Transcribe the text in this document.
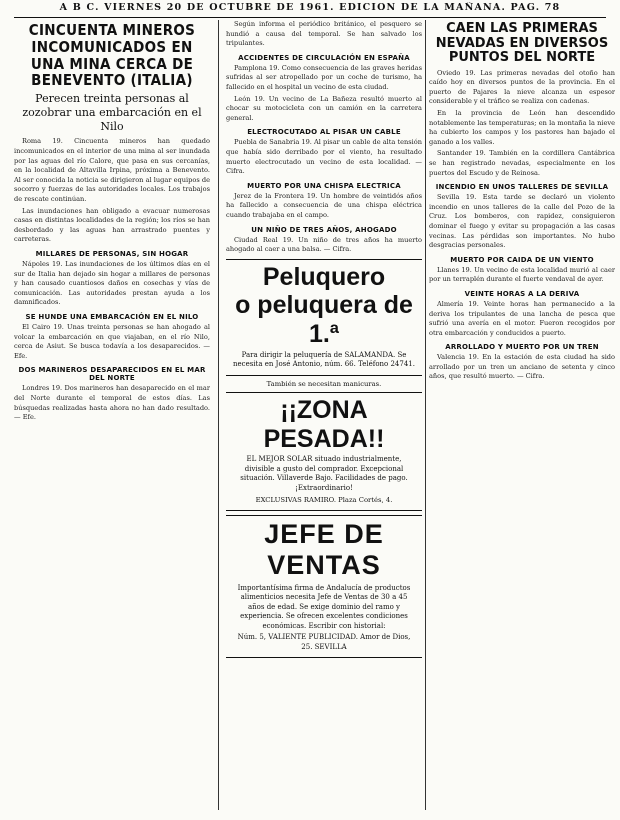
A B C. VIERNES 20 DE OCTUBRE DE 1961. EDICION DE LA MAÑANA. PAG. 78
CINCUENTA MINEROS INCOMUNICADOS EN UNA MINA CERCA DE BENEVENTO (ITALIA)
Perecen treinta personas al zozobrar una embarcación en el Nilo

Roma 19. Cincuenta mineros han quedado incomunicados en el interior de una mina al ser inundada por las aguas del río Calore, que pasa en sus cercanías, en la localidad de Altavilla Irpina, próxima a Benevento. Al ser conocida la noticia se dirigieron al lugar equipos de socorro y fuerzas de las autoridades locales. Los trabajos de rescate continúan.

Las inundaciones han obligado a evacuar numerosas casas en distintas localidades de la región; los ríos se han desbordado y las aguas han arrastrado puentes y carreteras.

MILLARES DE PERSONAS, SIN HOGAR

Nápoles 19. Las inundaciones de los últimos días en el sur de Italia han dejado sin hogar a millares de personas y han causado cuantiosos daños en cosechas y vías de comunicación. Las autoridades prestan ayuda a los damnificados.

SE HUNDE UNA EMBARCACIÓN EN EL NILO

El Cairo 19. Unas treinta personas se han ahogado al volcar la embarcación en que viajaban, en el río Nilo, cerca de Asiut. Se busca todavía a los desaparecidos. — Efe.

DOS MARINEROS DESAPARECIDOS EN EL MAR DEL NORTE

Londres 19. Dos marineros han desaparecido en el mar del Norte durante el temporal de estos días. Las búsquedas realizadas hasta ahora no han dado resultado. — Efe.

Según informa el periódico británico, el pesquero se hundió a causa del temporal. Se han salvado los tripulantes.

ACCIDENTES DE CIRCULACIÓN EN ESPAÑA

Pamplona 19. Como consecuencia de las graves heridas sufridas al ser atropellado por un coche de turismo, ha fallecido en el hospital un vecino de esta ciudad.

León 19. Un vecino de La Bañeza resultó muerto al chocar su motocicleta con un camión en la carretera general.

ELECTROCUTADO AL PISAR UN CABLE

Puebla de Sanabria 19. Al pisar un cable de alta tensión que había sido derribado por el viento, ha resultado muerto electrocutado un vecino de esta localidad. — Cifra.

MUERTO POR UNA CHISPA ELECTRICA

Jerez de la Frontera 19. Un hombre de veintidós años ha fallecido a consecuencia de una chispa eléctrica cuando trabajaba en el campo.

UN NIÑO DE TRES AÑOS, AHOGADO

Ciudad Real 19. Un niño de tres años ha muerto ahogado al caer a una balsa. — Cifra.

Peluquero
o peluquera de 1.ª
Para dirigir la peluquería de SALAMANDA. Se necesita en José Antonio, núm. 66. Teléfono 24741.
También se necesitan manicuras.
¡¡ZONA PESADA!!
EL MEJOR SOLAR situado industrialmente, divisible a gusto del comprador. Excepcional situación. Villaverde Bajo. Facilidades de pago. ¡Extraordinario!
EXCLUSIVAS RAMIRO. Plaza Cortés, 4.
JEFE DE VENTAS
Importantísima firma de Andalucía de productos alimenticios necesita Jefe de Ventas de 30 a 45 años de edad. Se exige dominio del ramo y experiencia. Se ofrecen excelentes condiciones económicas. Escribir con historial:
Núm. 5, VALIENTE PUBLICIDAD. Amor de Dios, 25. SEVILLA
CAEN LAS PRIMERAS NEVADAS EN DIVERSOS PUNTOS DEL NORTE

Oviedo 19. Las primeras nevadas del otoño han caído hoy en diversos puntos de la provincia. En el puerto de Pajares la nieve alcanza un espesor considerable y el tráfico se realiza con cadenas.

En la provincia de León han descendido notablemente las temperaturas; en la montaña la nieve ha cubierto los campos y los pastores han bajado el ganado a los valles.

Santander 19. También en la cordillera Cantábrica se han registrado nevadas, especialmente en los puertos del Escudo y de Reinosa.

INCENDIO EN UNOS TALLERES DE SEVILLA

Sevilla 19. Esta tarde se declaró un violento incendio en unos talleres de la calle del Pozo de la Cruz. Los bomberos, con rapidez, consiguieron dominar el fuego y evitar su propagación a las casas vecinas. Las pérdidas son importantes. No hubo desgracias personales.

MUERTO POR CAIDA DE UN VIENTO

Llanes 19. Un vecino de esta localidad murió al caer por un terraplén durante el fuerte vendaval de ayer.

VEINTE HORAS A LA DERIVA

Almería 19. Veinte horas han permanecido a la deriva los tripulantes de una lancha de pesca que sufrió una avería en el motor. Fueron recogidos por otra embarcación y conducidos a puerto.

ARROLLADO Y MUERTO POR UN TREN

Valencia 19. En la estación de esta ciudad ha sido arrollado por un tren un anciano de setenta y cinco años, que resultó muerto. — Cifra.
